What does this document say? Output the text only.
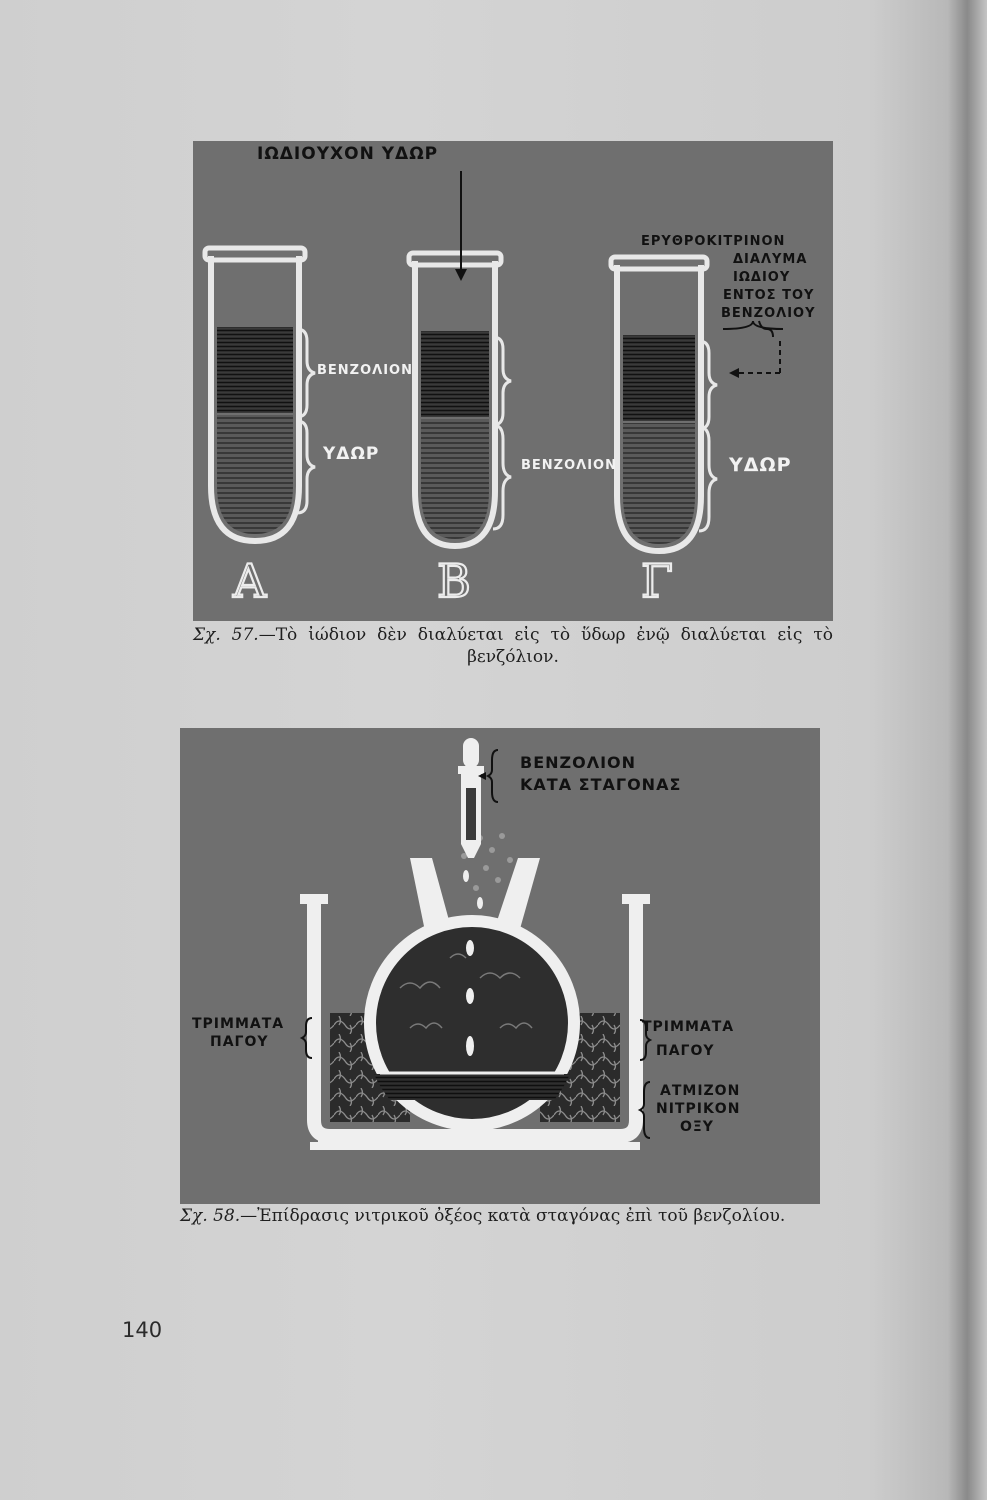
ΙΩΔΙΟΥΧΟΝ ΥΔΩΡ
ΕΡΥΘΡΟΚΙΤΡΙΝΟΝ
ΔΙΑΛΥΜΑ
ΙΩΔΙΟΥ
ΕΝΤΟΣ ΤΟΥ
ΒΕΝΖΟΛΙΟΥ
ΒΕΝΖΟΛΙΟΝ
ΥΔΩΡ
ΒΕΝΖΟΛΙΟΝ	ΥΔΩΡ
A	B	Γ
Σχ. 57.—Τὸ ἰώδιον δὲν διαλύεται εἰς τὸ ὕδωρ ἐνῷ διαλύεται εἰς τὸ
βενζόλιον.
ΒΕΝΖΟΛΙΟΝ
ΚΑΤΑ ΣΤΑΓΟΝΑΣ
ΤΡΙΜΜΑΤΑ
ΠΑΓΟΥ
ΤΡΙΜΜΑΤΑ
ΠΑΓΟΥ
ΑΤΜΙΖΟΝ
ΝΙΤΡΙΚΟΝ
ΟΞΥ
Σχ. 58.—Ἐπίδρασις νιτρικοῦ ὀξέος κατὰ σταγόνας ἐπὶ τοῦ βενζολίου.
140
